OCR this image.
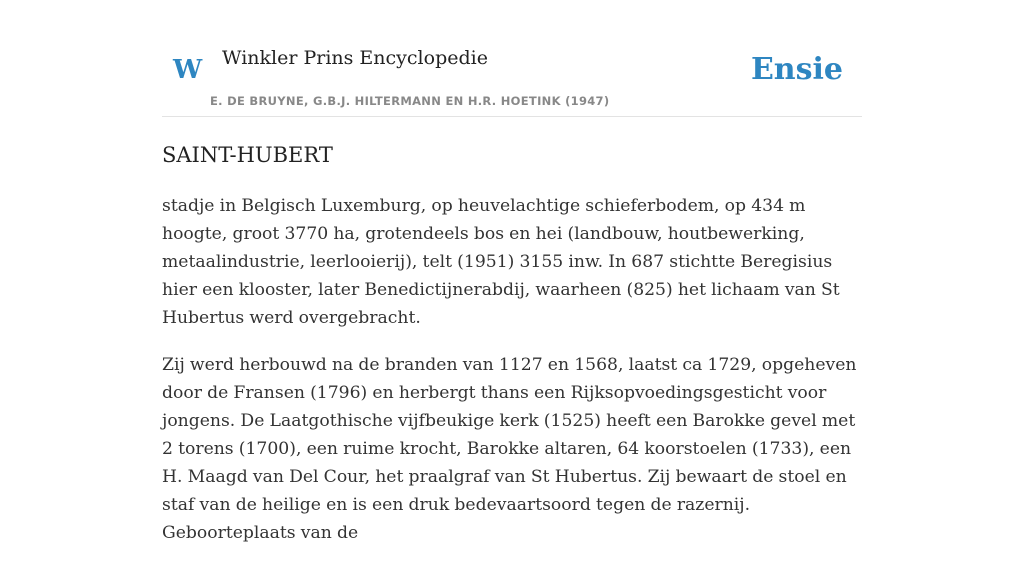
W Winkler Prins Encyclopedie
E. DE BRUYNE, G.B.J. HILTERMANN EN H.R. HOETINK (1947)
Ensie
SAINT-HUBERT

stadje in Belgisch Luxemburg, op heuvelachtige schieferbodem, op 434 m hoogte, groot 3770 ha, grotendeels bos en hei (landbouw, houtbewerking, metaalindustrie, leerlooierij), telt (1951) 3155 inw. In 687 stichtte Beregisius hier een klooster, later Benedictijnerabdij, waarheen (825) het lichaam van St Hubertus werd overgebracht.

Zij werd herbouwd na de branden van 1127 en 1568, laatst ca 1729, opgeheven door de Fransen (1796) en herbergt thans een Rijksopvoedingsgesticht voor jongens. De Laatgothische vijfbeukige kerk (1525) heeft een Barokke gevel met 2 torens (1700), een ruime krocht, Barokke altaren, 64 koorstoelen (1733), een H. Maagd van Del Cour, het praalgraf van St Hubertus. Zij bewaart de stoel en staf van de heilige en is een druk bedevaartsoord tegen de razernij. Geboorteplaats van de
